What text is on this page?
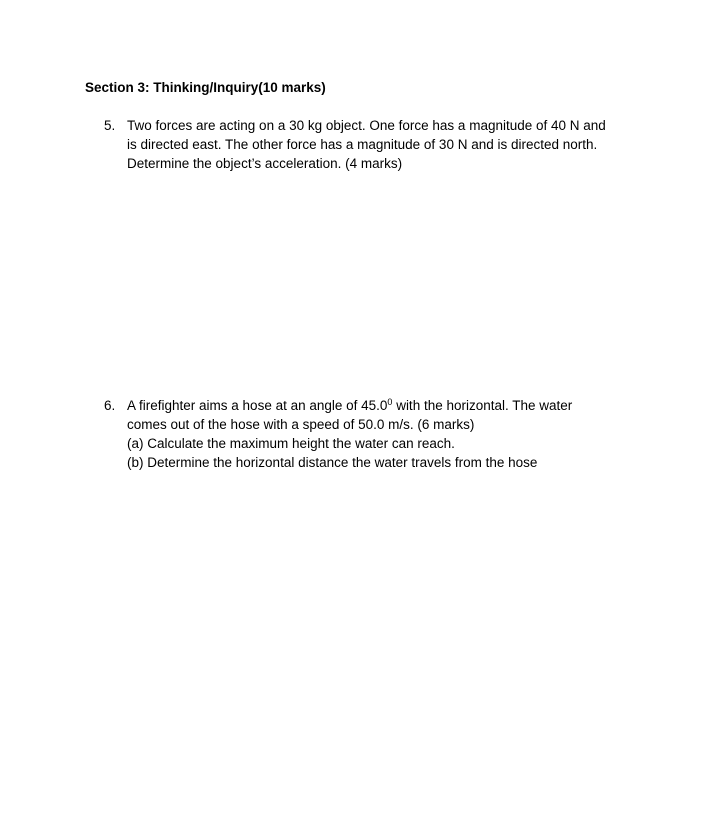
Section 3: Thinking/Inquiry(10 marks)
5. Two forces are acting on a 30 kg object. One force has a magnitude of 40 N and
is directed east. The other force has a magnitude of 30 N and is directed north.
Determine the object’s acceleration. (4 marks)
6. A firefighter aims a hose at an angle of 45.0$^0$ with the horizontal. The water
comes out of the hose with a speed of 50.0 m/s. (6 marks)
(a) Calculate the maximum height the water can reach.
(b) Determine the horizontal distance the water travels from the hose
